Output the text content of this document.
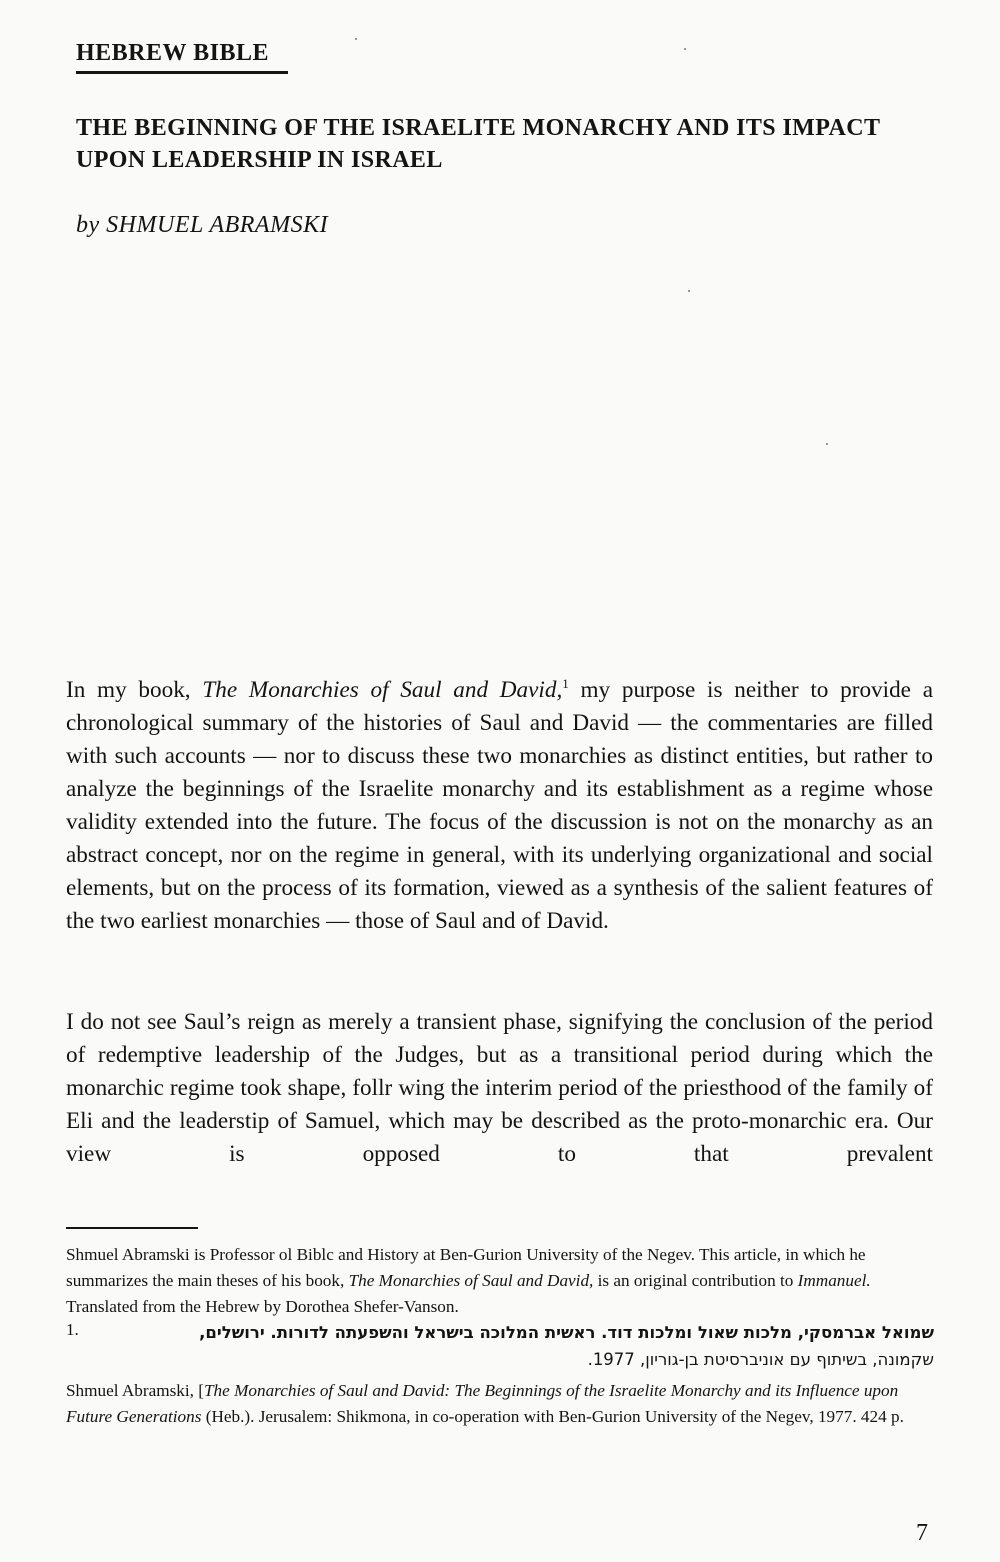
HEBREW BIBLE
THE BEGINNING OF THE ISRAELITE MONARCHY AND ITS IMPACT UPON LEADERSHIP IN ISRAEL
by SHMUEL ABRAMSKI

In my book, The Monarchies of Saul and David,$^1$ my purpose is neither to provide a chronological summary of the histories of Saul and David — the commentaries are filled with such accounts — nor to discuss these two monarchies as distinct entities, but rather to analyze the beginnings of the Israelite monarchy and its establishment as a regime whose validity extended into the future. The focus of the discussion is not on the monarchy as an abstract concept, nor on the regime in general, with its underlying organizational and social elements, but on the process of its formation, viewed as a synthesis of the salient features of the two earliest monarchies — those of Saul and of David.

I do not see Saul’s reign as merely a transient phase, signifying the conclusion of the period of redemptive leadership of the Judges, but as a transitional period during which the monarchic regime took shape, follr wing the interim period of the priesthood of the family of Eli and the leaderstip of Samuel, which may be described as the proto-monarchic era. Our view is opposed to that prevalent

Shmuel Abramski is Professor ol Biblc and History at Ben-Gurion University of the Negev. This article, in which he summarizes the main theses of his book, The Monarchies of Saul and David, is an original contribution to Immanuel. Translated from the Hebrew by Dorothea Shefer-Vanson.

1.	שמואל אברמסקי, מלכות שאול ומלכות דוד. ראשית המלוכה בישראל והשפעתה לדורות. ירושלים,
שקמונה, בשיתוף עם אוניברסיטת בן-גוריון, 1977.

Shmuel Abramski, [The Monarchies of Saul and David: The Beginnings of the Israelite Monarchy and its Influence upon Future Generations (Heb.). Jerusalem: Shikmona, in co-operation with Ben-Gurion University of the Negev, 1977. 424 p.

7
